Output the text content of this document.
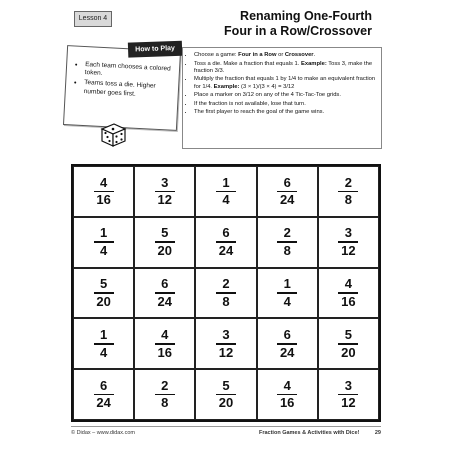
Lesson 4	Renaming One-Fourth
Four in a Row/Crossover
How to Play
• Each team chooses a colored token.
• Teams toss a die. Higher number goes first.
• Choose a game: Four in a Row or Crossover.
• Toss a die. Make a fraction that equals 1. Example: Toss 3, make the fraction 3/3.
• Multiply the fraction that equals 1 by 1/4 to make an equivalent fraction for 1/4. Example: (3 × 1)/(3 × 4) = 3/12
• Place a marker on 3/12 on any of the 4 Tic-Tac-Toe grids.
• If the fraction is not available, lose that turn.
• The first player to reach the goal of the game wins.
$\frac{4}{16}$	$\frac{3}{12}$	$\frac{1}{4}$	$\frac{6}{24}$	$\frac{2}{8}$
$\frac{1}{4}$	$\frac{5}{20}$	$\frac{6}{24}$	$\frac{2}{8}$	$\frac{3}{12}$
$\frac{5}{20}$	$\frac{6}{24}$	$\frac{2}{8}$	$\frac{1}{4}$	$\frac{4}{16}$
$\frac{1}{4}$	$\frac{4}{16}$	$\frac{3}{12}$	$\frac{6}{24}$	$\frac{5}{20}$
$\frac{6}{24}$	$\frac{2}{8}$	$\frac{5}{20}$	$\frac{4}{16}$	$\frac{3}{12}$
© Didax – www.didax.com	Fraction Games & Activities with Dice!	29
